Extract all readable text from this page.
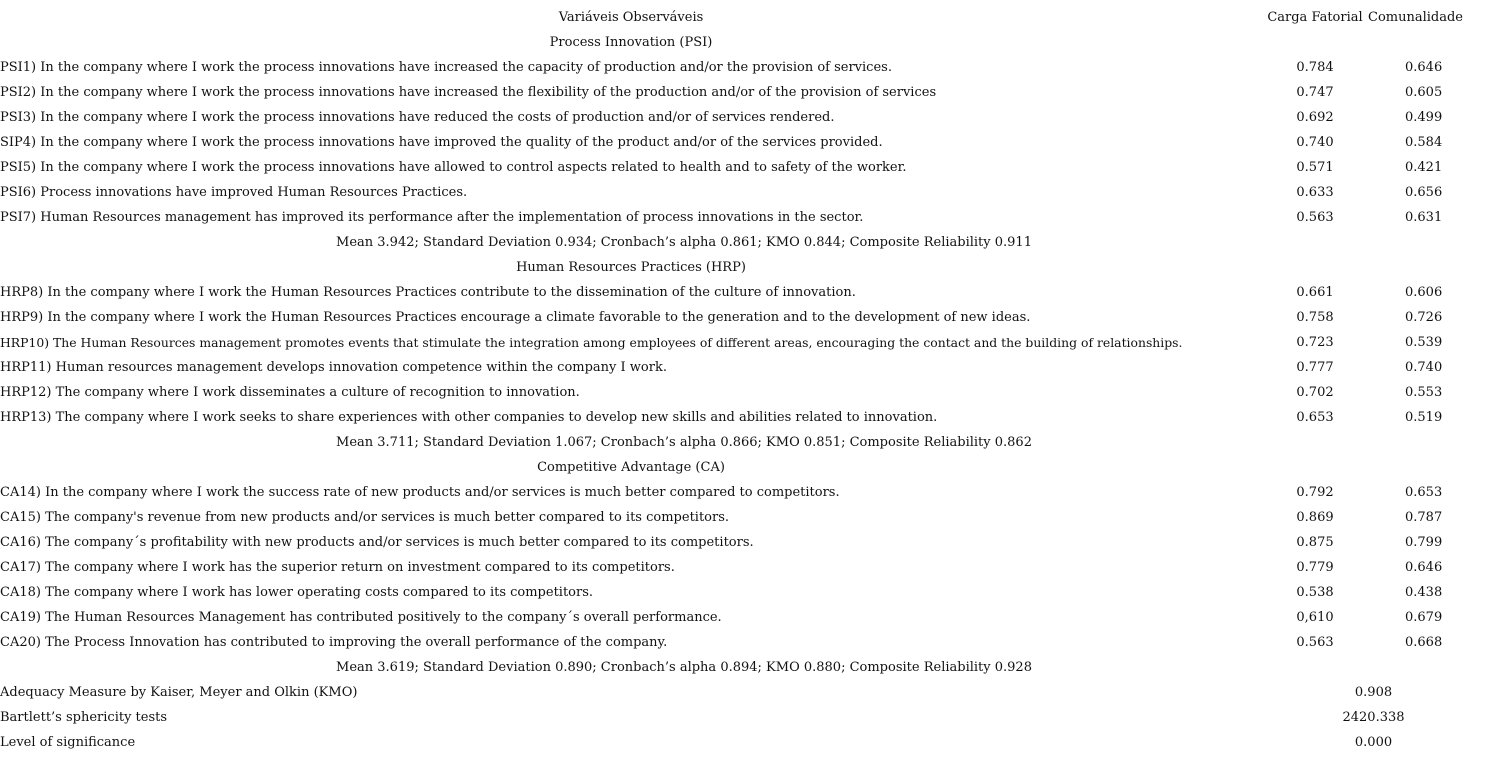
Variáveis Observáveis	Carga Fatorial	Comunalidade
Process Innovation (PSI)		
PSI1) In the company where I work the process innovations have increased the capacity of production and/or the provision of services.	0.784	0.646
PSI2) In the company where I work the process innovations have increased the flexibility of the production and/or of the provision of services	0.747	0.605
PSI3) In the company where I work the process innovations have reduced the costs of production and/or of services rendered.	0.692	0.499
SIP4) In the company where I work the process innovations have improved the quality of the product and/or of the services provided.	0.740	0.584
PSI5) In the company where I work the process innovations have allowed to control aspects related to health and to safety of the worker.	0.571	0.421
PSI6) Process innovations have improved Human Resources Practices.	0.633	0.656
PSI7) Human Resources management has improved its performance after the implementation of process innovations in the sector.	0.563	0.631
Mean 3.942; Standard Deviation 0.934; Cronbach’s alpha 0.861; KMO 0.844; Composite Reliability 0.911		
Human Resources Practices (HRP)		
HRP8) In the company where I work the Human Resources Practices contribute to the dissemination of the culture of innovation.	0.661	0.606
HRP9) In the company where I work the Human Resources Practices encourage a climate favorable to the generation and to the development of new ideas.	0.758	0.726
HRP10) The Human Resources management promotes events that stimulate the integration among employees of different areas, encouraging the contact and the building of relationships.	0.723	0.539
HRP11) Human resources management develops innovation competence within the company I work.	0.777	0.740
HRP12) The company where I work disseminates a culture of recognition to innovation.	0.702	0.553
HRP13) The company where I work seeks to share experiences with other companies to develop new skills and abilities related to innovation.	0.653	0.519
Mean 3.711; Standard Deviation 1.067; Cronbach’s alpha 0.866; KMO 0.851; Composite Reliability 0.862		
Competitive Advantage (CA)		
CA14) In the company where I work the success rate of new products and/or services is much better compared to competitors.	0.792	0.653
CA15) The company's revenue from new products and/or services is much better compared to its competitors.	0.869	0.787
CA16) The company´s profitability with new products and/or services is much better compared to its competitors.	0.875	0.799
CA17) The company where I work has the superior return on investment compared to its competitors.	0.779	0.646
CA18) The company where I work has lower operating costs compared to its competitors.	0.538	0.438
CA19) The Human Resources Management has contributed positively to the company´s overall performance.	0,610	0.679
CA20) The Process Innovation has contributed to improving the overall performance of the company.	0.563	0.668
Mean 3.619; Standard Deviation 0.890; Cronbach’s alpha 0.894; KMO 0.880; Composite Reliability 0.928		
Adequacy Measure by Kaiser, Meyer and Olkin (KMO)	0.908	
Bartlett’s sphericity tests	2420.338	
Level of significance	0.000	
